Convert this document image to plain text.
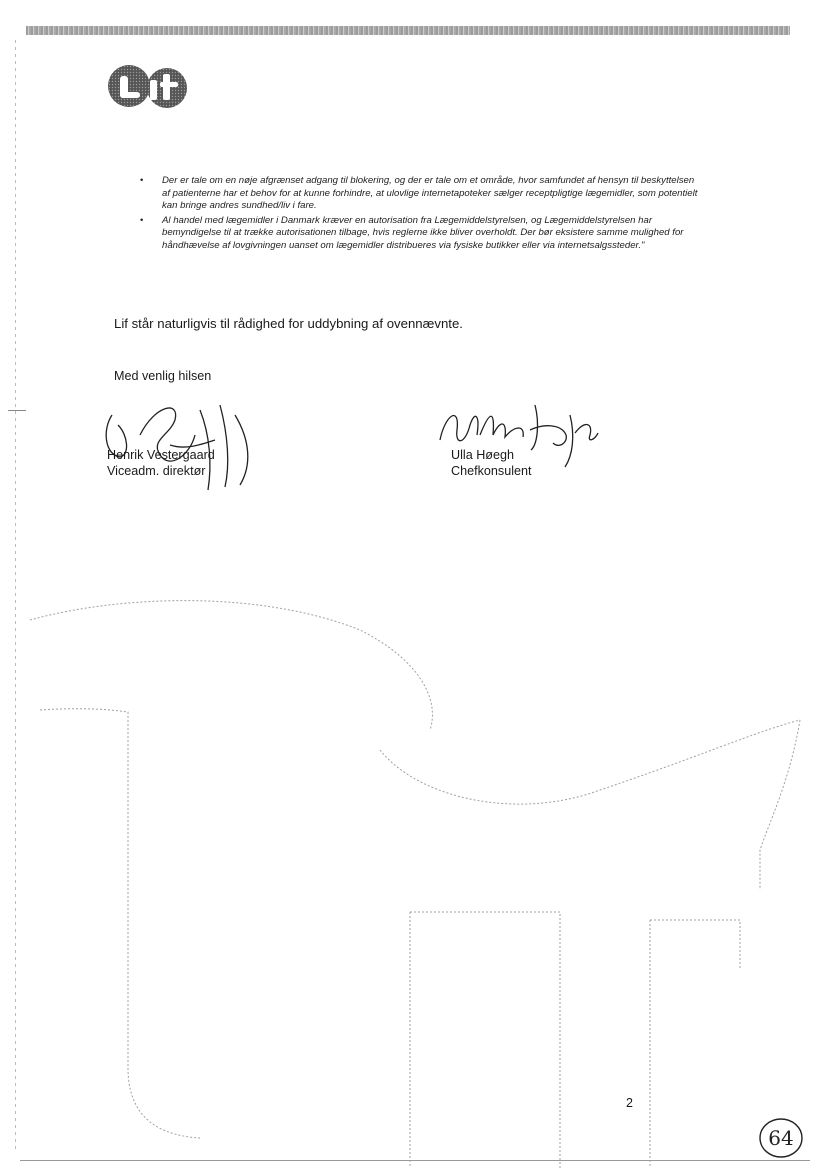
• Der er tale om en nøje afgrænset adgang til blokering, og der er tale om et område, hvor samfundet af hensyn til beskyttelsen af patienterne har et behov for at kunne forhindre, at ulovlige internetapoteker sælger receptpligtige lægemidler, som potentielt kan bringe andres sundhed/liv i fare.
• Al handel med lægemidler i Danmark kræver en autorisation fra Lægemiddelstyrelsen, og Lægemiddelstyrelsen har bemyndigelse til at trække autorisationen tilbage, hvis reglerne ikke bliver overholdt. Der bør eksistere samme mulighed for håndhævelse af lovgivningen uanset om lægemidler distribueres via fysiske butikker eller via internetsalgssteder."
Lif står naturligvis til rådighed for uddybning af ovennævnte.
Med venlig hilsen
Henrik Vestergaard
Viceadm. direktør
Ulla Høegh
Chefkonsulent
2
64
